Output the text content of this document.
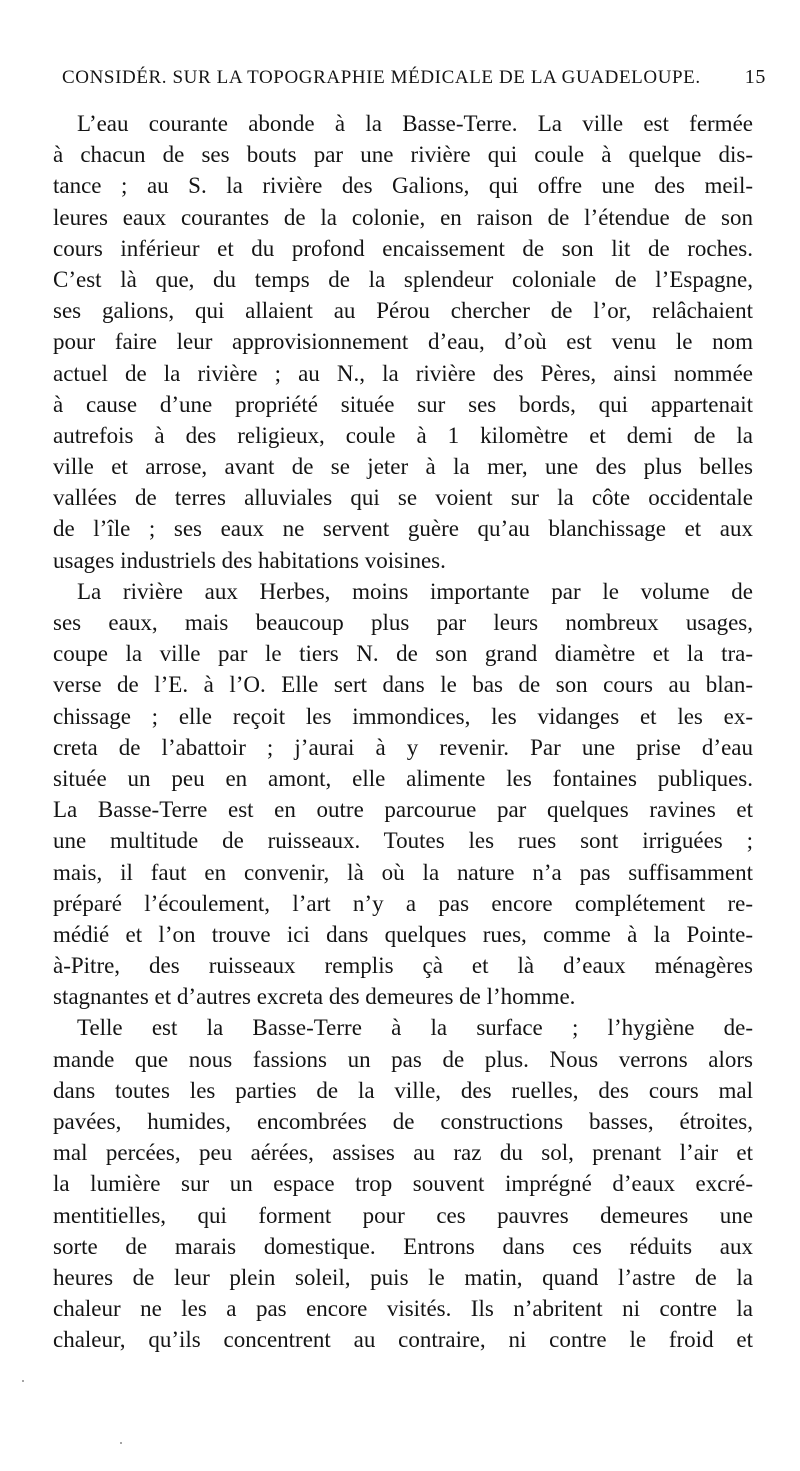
CONSIDÉR. SUR LA TOPOGRAPHIE MÉDICALE DE LA GUADELOUPE. 15
L’eau courante abonde à la Basse-Terre. La ville est fermée
à chacun de ses bouts par une rivière qui coule à quelque dis-
tance ; au S. la rivière des Galions, qui offre une des meil-
leures eaux courantes de la colonie, en raison de l’étendue de son
cours inférieur et du profond encaissement de son lit de roches.
C’est là que, du temps de la splendeur coloniale de l’Espagne,
ses galions, qui allaient au Pérou chercher de l’or, relâchaient
pour faire leur approvisionnement d’eau, d’où est venu le nom
actuel de la rivière ; au N., la rivière des Pères, ainsi nommée
à cause d’une propriété située sur ses bords, qui appartenait
autrefois à des religieux, coule à 1 kilomètre et demi de la
ville et arrose, avant de se jeter à la mer, une des plus belles
vallées de terres alluviales qui se voient sur la côte occidentale
de l’île ; ses eaux ne servent guère qu’au blanchissage et aux
usages industriels des habitations voisines.
La rivière aux Herbes, moins importante par le volume de
ses eaux, mais beaucoup plus par leurs nombreux usages,
coupe la ville par le tiers N. de son grand diamètre et la tra-
verse de l’E. à l’O. Elle sert dans le bas de son cours au blan-
chissage ; elle reçoit les immondices, les vidanges et les ex-
creta de l’abattoir ; j’aurai à y revenir. Par une prise d’eau
située un peu en amont, elle alimente les fontaines publiques.
La Basse-Terre est en outre parcourue par quelques ravines et
une multitude de ruisseaux. Toutes les rues sont irriguées ;
mais, il faut en convenir, là où la nature n’a pas suffisamment
préparé l’écoulement, l’art n’y a pas encore complétement re-
médié et l’on trouve ici dans quelques rues, comme à la Pointe-
à-Pitre, des ruisseaux remplis çà et là d’eaux ménagères
stagnantes et d’autres excreta des demeures de l’homme.
Telle est la Basse-Terre à la surface ; l’hygiène de-
mande que nous fassions un pas de plus. Nous verrons alors
dans toutes les parties de la ville, des ruelles, des cours mal
pavées, humides, encombrées de constructions basses, étroites,
mal percées, peu aérées, assises au raz du sol, prenant l’air et
la lumière sur un espace trop souvent imprégné d’eaux excré-
mentitielles, qui forment pour ces pauvres demeures une
sorte de marais domestique. Entrons dans ces réduits aux
heures de leur plein soleil, puis le matin, quand l’astre de la
chaleur ne les a pas encore visités. Ils n’abritent ni contre la
chaleur, qu’ils concentrent au contraire, ni contre le froid et
